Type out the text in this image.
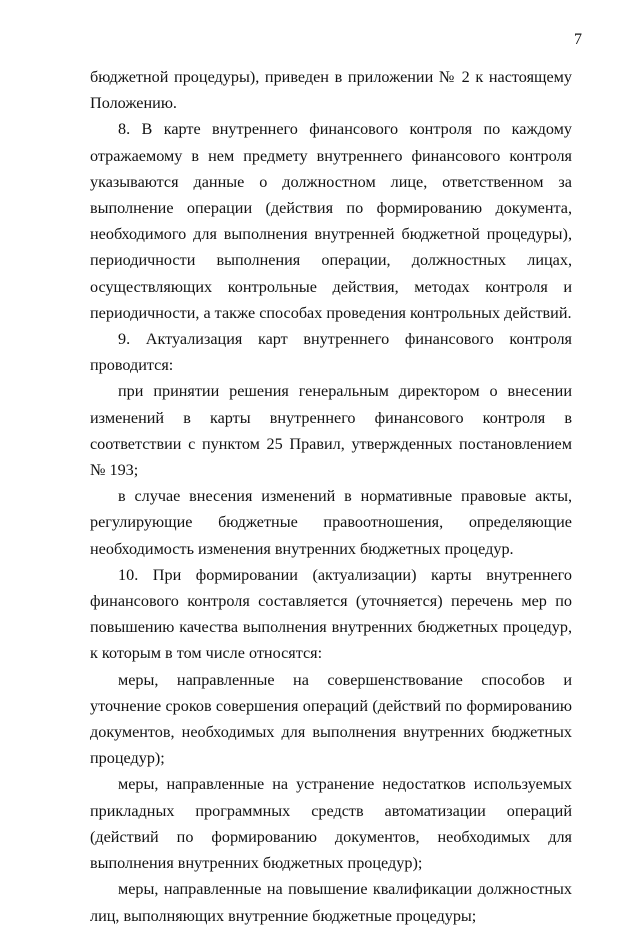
7

бюджетной процедуры), приведен в приложении № 2 к настоящему Положению.

8. В карте внутреннего финансового контроля по каждому отражаемому в нем предмету внутреннего финансового контроля указываются данные о должностном лице, ответственном за выполнение операции (действия по формированию документа, необходимого для выполнения внутренней бюджетной процедуры), периодичности выполнения операции, должностных лицах, осуществляющих контрольные действия, методах контроля и периодичности, а также способах проведения контрольных действий.

9. Актуализация карт внутреннего финансового контроля проводится:

при принятии решения генеральным директором о внесении изменений в карты внутреннего финансового контроля в соответствии с пунктом 25 Правил, утвержденных постановлением № 193;

в случае внесения изменений в нормативные правовые акты, регулирующие бюджетные правоотношения, определяющие необходимость изменения внутренних бюджетных процедур.

10. При формировании (актуализации) карты внутреннего финансового контроля составляется (уточняется) перечень мер по повышению качества выполнения внутренних бюджетных процедур, к которым в том числе относятся:

меры, направленные на совершенствование способов и уточнение сроков совершения операций (действий по формированию документов, необходимых для выполнения внутренних бюджетных процедур);

меры, направленные на устранение недостатков используемых прикладных программных средств автоматизации операций (действий по формированию документов, необходимых для выполнения внутренних бюджетных процедур);

меры, направленные на повышение квалификации должностных лиц, выполняющих внутренние бюджетные процедуры;
